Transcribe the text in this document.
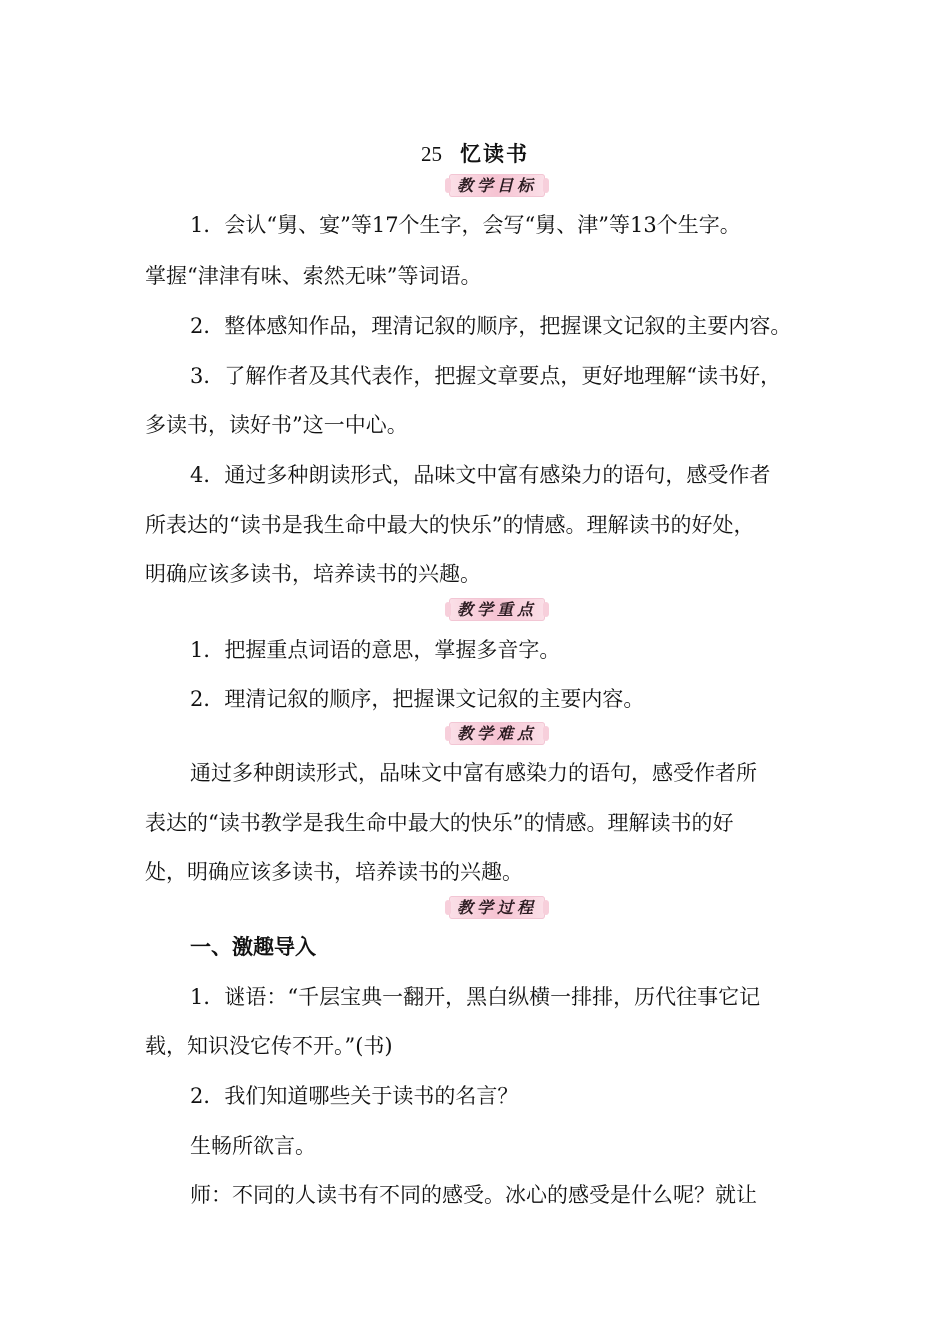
25 忆读书
教学目标
1．会认“舅、宴”等17个生字，会写“舅、津”等13个生字。
掌握“津津有味、索然无味”等词语。
2．整体感知作品，理清记叙的顺序，把握课文记叙的主要内容。
3．了解作者及其代表作，把握文章要点，更好地理解“读书好，
多读书，读好书”这一中心。
4．通过多种朗读形式，品味文中富有感染力的语句，感受作者
所表达的“读书是我生命中最大的快乐”的情感。理解读书的好处，
明确应该多读书，培养读书的兴趣。
教学重点
1．把握重点词语的意思，掌握多音字。
2．理清记叙的顺序，把握课文记叙的主要内容。
教学难点
通过多种朗读形式，品味文中富有感染力的语句，感受作者所
表达的“读书教学是我生命中最大的快乐”的情感。理解读书的好
处，明确应该多读书，培养读书的兴趣。
教学过程
一、激趣导入
1．谜语：“千层宝典一翻开，黑白纵横一排排，历代往事它记
载，知识没它传不开。”(书)
2．我们知道哪些关于读书的名言？
生畅所欲言。
师：不同的人读书有不同的感受。冰心的感受是什么呢？就让
